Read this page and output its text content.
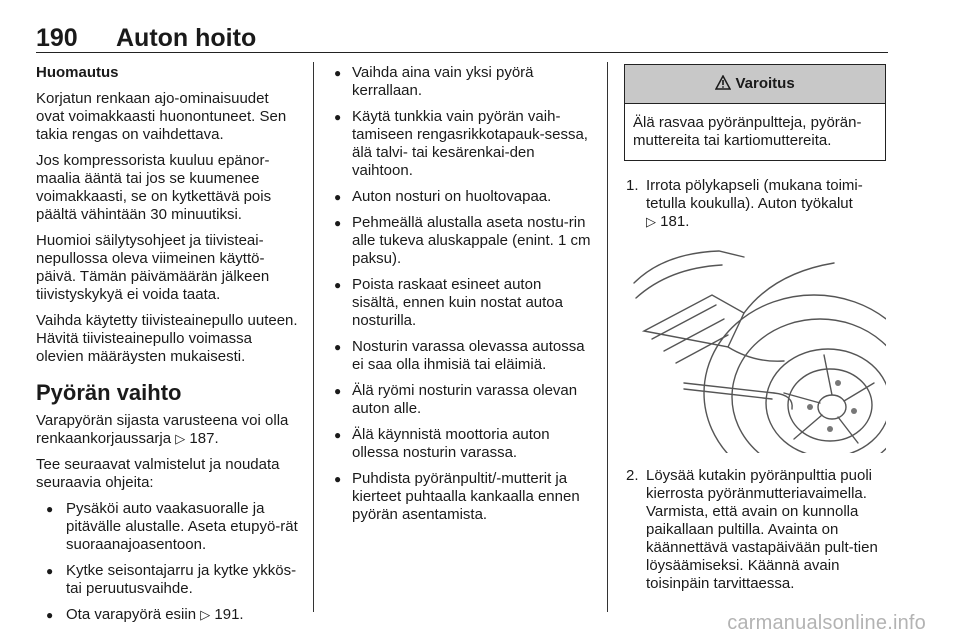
190 Auton hoito

Huomautus

Korjatun renkaan ajo-ominaisuudet ovat voimakkaasti huonontuneet. Sen takia rengas on vaihdettava.

Jos kompressorista kuuluu epänor-maalia ääntä tai jos se kuumenee voimakkaasti, se on kytkettävä pois päältä vähintään 30 minuutiksi.

Huomioi säilytysohjeet ja tiivisteai-nepullossa oleva viimeinen käyttö-päivä. Tämän päivämäärän jälkeen tiivistyskykyä ei voida taata.

Vaihda käytetty tiivisteainepullo uuteen. Hävitä tiivisteainepullo voimassa olevien määräysten mukaisesti.

Pyörän vaihto

Varapyörän sijasta varusteena voi olla renkaankorjaussarja ▷ 187.

Tee seuraavat valmistelut ja noudata seuraavia ohjeita:

● Pysäköi auto vaakasuoralle ja pitävälle alustalle. Aseta etupyö-rät suoraanajoasentoon.
● Kytke seisontajarru ja kytke ykkös- tai peruutusvaihde.
● Ota varapyörä esiin ▷ 191.
● Vaihda aina vain yksi pyörä kerrallaan.
● Käytä tunkkia vain pyörän vaih-tamiseen rengasrikkotapauk-sessa, älä talvi- tai kesärenkai-den vaihtoon.
● Auton nosturi on huoltovapaa.
● Pehmeällä alustalla aseta nostu-rin alle tukeva aluskappale (enint. 1 cm paksu).
● Poista raskaat esineet auton sisältä, ennen kuin nostat autoa nosturilla.
● Nosturin varassa olevassa autossa ei saa olla ihmisiä tai eläimiä.
● Älä ryömi nosturin varassa olevan auton alle.
● Älä käynnistä moottoria auton ollessa nosturin varassa.
● Puhdista pyöränpultit/-mutterit ja kierteet puhtaalla kankaalla ennen pyörän asentamista.
Varoitus
Älä rasvaa pyöränpultteja, pyörän-muttereita tai kartiomuttereita.
1. Irrota pölykapseli (mukana toimi-tetulla koukulla). Auton työkalut ▷ 181.
2. Löysää kutakin pyöränpulttia puoli kierrosta pyöränmutteriavaimella. Varmista, että avain on kunnolla paikallaan pultilla. Avainta on käännettävä vastapäivään pult-tien löysäämiseksi. Käännä avain toisinpäin tarvittaessa.
carmanualsonline.info
